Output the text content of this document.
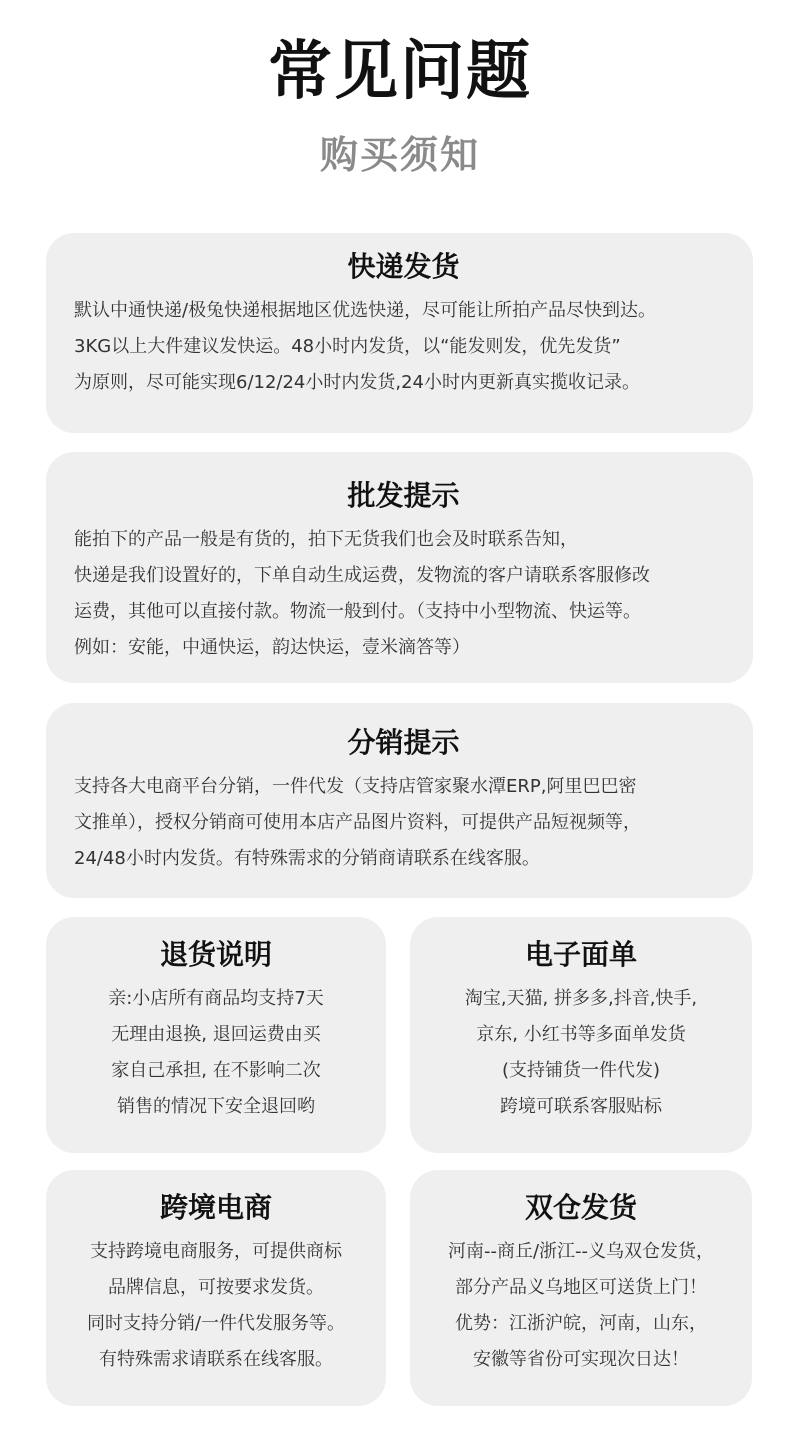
常见问题
购买须知
快递发货
默认中通快递/极兔快递根据地区优选快递，尽可能让所拍产品尽快到达。
3KG以上大件建议发快运。48小时内发货，以“能发则发，优先发货”
为原则，尽可能实现6/12/24小时内发货,24小时内更新真实揽收记录。
批发提示
能拍下的产品一般是有货的，拍下无货我们也会及时联系告知，
快递是我们设置好的，下单自动生成运费，发物流的客户请联系客服修改
运费，其他可以直接付款。物流一般到付。（支持中小型物流、快运等。
例如：安能，中通快运，韵达快运，壹米滴答等）
分销提示
支持各大电商平台分销，一件代发（支持店管家聚水潭ERP,阿里巴巴密
文推单），授权分销商可使用本店产品图片资料，可提供产品短视频等，
24/48小时内发货。有特殊需求的分销商请联系在线客服。
退货说明
亲:小店所有商品均支持7天
无理由退换, 退回运费由买
家自己承担, 在不影响二次
销售的情况下安全退回哟
电子面单
淘宝,天猫, 拼多多,抖音,快手,
京东, 小红书等多面单发货
(支持铺货一件代发)
跨境可联系客服贴标
跨境电商
支持跨境电商服务，可提供商标
品牌信息，可按要求发货。
同时支持分销/一件代发服务等。
有特殊需求请联系在线客服。
双仓发货
河南--商丘/浙江--义乌双仓发货，
部分产品义乌地区可送货上门！
优势：江浙沪皖，河南，山东，
安徽等省份可实现次日达！
